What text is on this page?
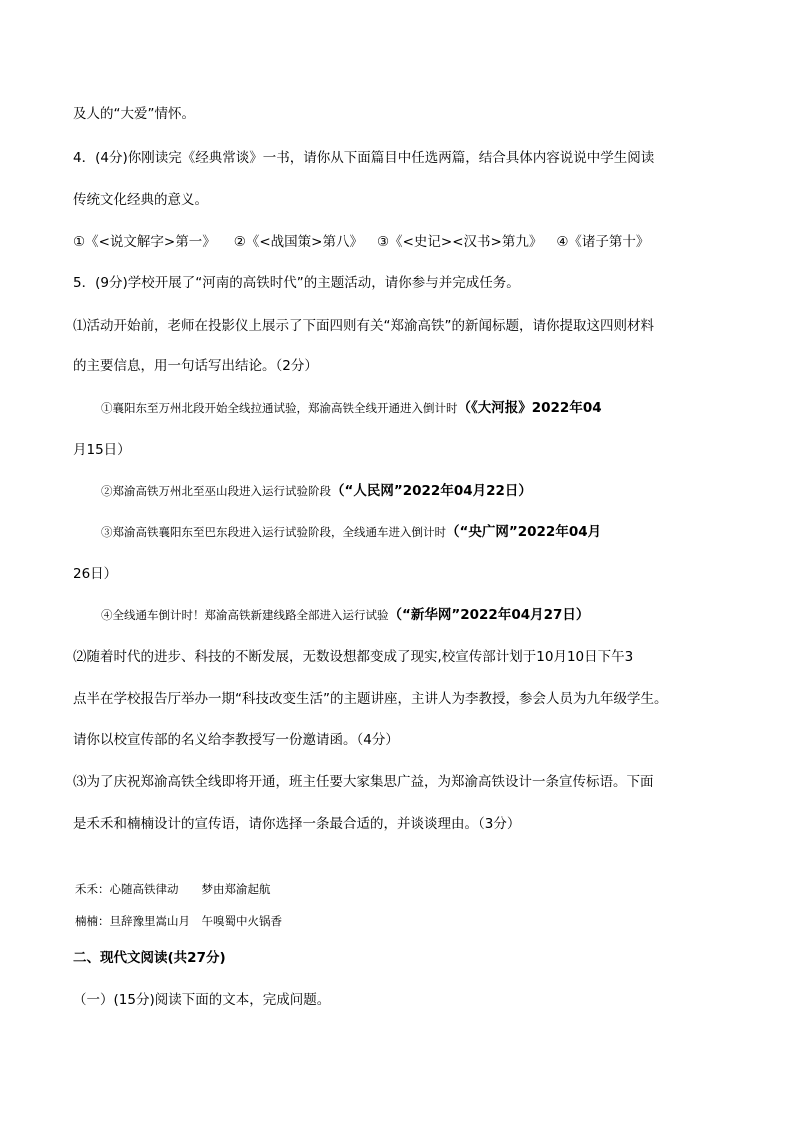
及人的“大爱”情怀。
4．(4分)你刚读完《经典常谈》一书，请你从下面篇目中任选两篇，结合具体内容说说中学生阅读
传统文化经典的意义。
①《<说文解字>第一》 ②《<战国策>第八》 ③《<史记><汉书>第九》 ④《诸子第十》
5．(9分)学校开展了“河南的高铁时代”的主题活动，请你参与并完成任务。
⑴活动开始前，老师在投影仪上展示了下面四则有关“郑渝高铁”的新闻标题，请你提取这四则材料
的主要信息，用一句话写出结论。（2分）
①襄阳东至万州北段开始全线拉通试验，郑渝高铁全线开通进入倒计时（《大河报》2022年04
月15日）
②郑渝高铁万州北至巫山段进入运行试验阶段（“人民网”2022年04月22日）
③郑渝高铁襄阳东至巴东段进入运行试验阶段，全线通车进入倒计时（“央广网”2022年04月
26日）
④全线通车倒计时！郑渝高铁新建线路全部进入运行试验（“新华网”2022年04月27日）
⑵随着时代的进步、科技的不断发展，无数设想都变成了现实,校宣传部计划于10月10日下午3
点半在学校报告厅举办一期“科技改变生活”的主题讲座，主讲人为李教授，参会人员为九年级学生。
请你以校宣传部的名义给李教授写一份邀请函。（4分）
⑶为了庆祝郑渝高铁全线即将开通，班主任要大家集思广益，为郑渝高铁设计一条宣传标语。下面
是禾禾和楠楠设计的宣传语，请你选择一条最合适的，并谈谈理由。（3分）
禾禾：心随高铁律动　　梦由郑渝起航
楠楠：旦辞豫里嵩山月　午嗅蜀中火锅香
二、现代文阅读(共27分)
（一）(15分)阅读下面的文本，完成问题。
